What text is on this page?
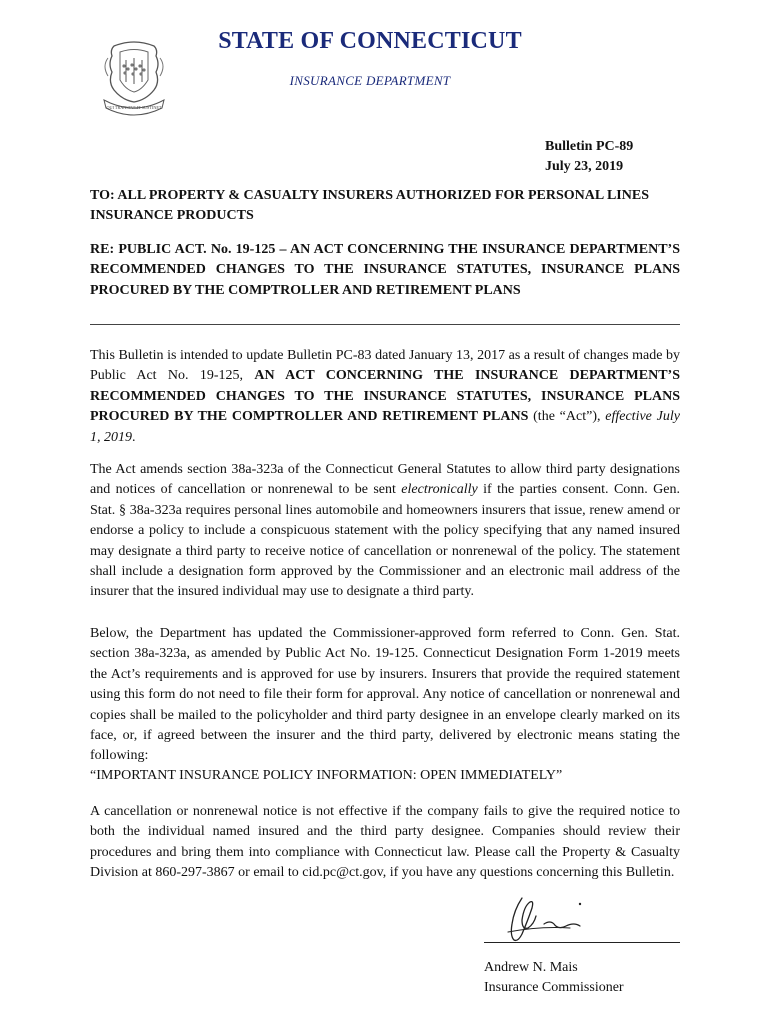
QUI TRANSTULIT SUSTINET
STATE OF CONNECTICUT
INSURANCE DEPARTMENT
Bulletin PC-89
July 23, 2019
TO: ALL PROPERTY & CASUALTY INSURERS AUTHORIZED FOR PERSONAL LINES INSURANCE PRODUCTS
RE: PUBLIC ACT. No. 19-125 – AN ACT CONCERNING THE INSURANCE DEPARTMENT’S RECOMMENDED CHANGES TO THE INSURANCE STATUTES, INSURANCE PLANS PROCURED BY THE COMPTROLLER AND RETIREMENT PLANS
This Bulletin is intended to update Bulletin PC-83 dated January 13, 2017 as a result of changes made by Public Act No. 19-125, AN ACT CONCERNING THE INSURANCE DEPARTMENT’S RECOMMENDED CHANGES TO THE INSURANCE STATUTES, INSURANCE PLANS PROCURED BY THE COMPTROLLER AND RETIREMENT PLANS (the “Act”), effective July 1, 2019.
The Act amends section 38a-323a of the Connecticut General Statutes to allow third party designations and notices of cancellation or nonrenewal to be sent electronically if the parties consent. Conn. Gen. Stat. § 38a-323a requires personal lines automobile and homeowners insurers that issue, renew amend or endorse a policy to include a conspicuous statement with the policy specifying that any named insured may designate a third party to receive notice of cancellation or nonrenewal of the policy. The statement shall include a designation form approved by the Commissioner and an electronic mail address of the insurer that the insured individual may use to designate a third party.
Below, the Department has updated the Commissioner-approved form referred to Conn. Gen. Stat. section 38a-323a, as amended by Public Act No. 19-125. Connecticut Designation Form 1-2019 meets the Act’s requirements and is approved for use by insurers. Insurers that provide the required statement using this form do not need to file their form for approval. Any notice of cancellation or nonrenewal and copies shall be mailed to the policyholder and third party designee in an envelope clearly marked on its face, or, if agreed between the insurer and the third party, delivered by electronic means stating the following:
“IMPORTANT INSURANCE POLICY INFORMATION: OPEN IMMEDIATELY”
A cancellation or nonrenewal notice is not effective if the company fails to give the required notice to both the individual named insured and the third party designee. Companies should review their procedures and bring them into compliance with Connecticut law. Please call the Property & Casualty Division at 860-297-3867 or email to cid.pc@ct.gov, if you have any questions concerning this Bulletin.
Andrew N. Mais
Insurance Commissioner
